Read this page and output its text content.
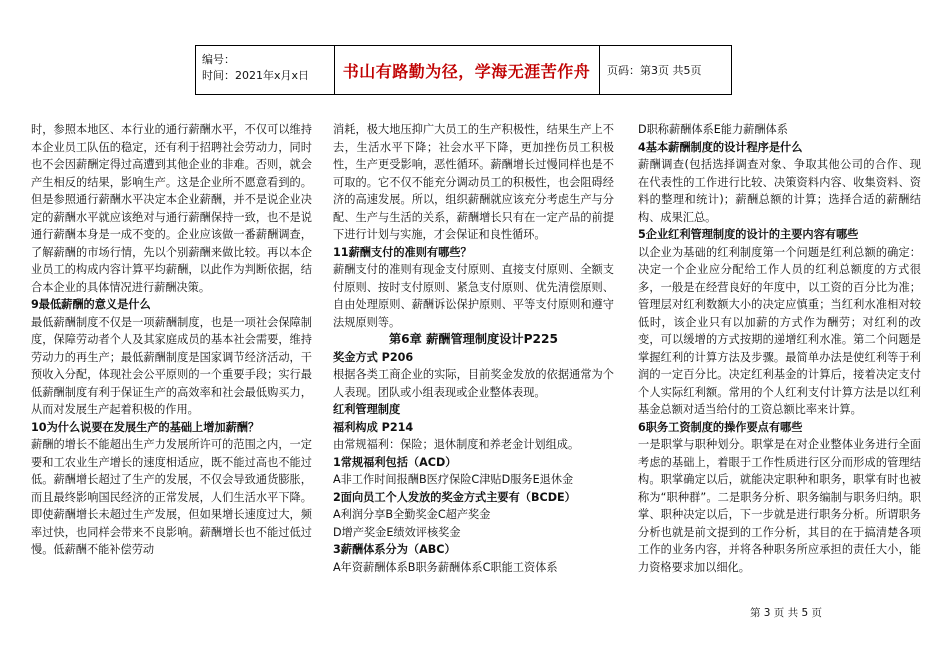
编号：
时间：2021年x月x日	书山有路勤为径，学海无涯苦作舟 页码：第3页 共5页

时，参照本地区、本行业的通行薪酬水平，不仅可以维持本企业员工队伍的稳定，还有利于招聘社会劳动力，同时也不会因薪酬定得过高遭到其他企业的非难。否则，就会产生相反的结果，影响生产。这是企业所不愿意看到的。但是参照通行薪酬水平决定本企业薪酬，并不是说企业决定的薪酬水平就应该绝对与通行薪酬保持一致，也不是说通行薪酬本身是一成不变的。企业应该做一番薪酬调查，了解薪酬的市场行情，先以个别薪酬来做比较。再以本企业员工的构成内容计算平均薪酬，以此作为判断依据，结合本企业的具体情况进行薪酬决策。

9最低薪酬的意义是什么

最低薪酬制度不仅是一项薪酬制度，也是一项社会保障制度，保障劳动者个人及其家庭成员的基本社会需要，维持劳动力的再生产；最低薪酬制度是国家调节经济活动，干预收入分配，体现社会公平原则的一个重要手段；实行最低薪酬制度有利于保证生产的高效率和社会最低购买力，从而对发展生产起着积极的作用。

10为什么说要在发展生产的基础上增加薪酬？

薪酬的增长不能超出生产力发展所许可的范围之内，一定要和工农业生产增长的速度相适应，既不能过高也不能过低。薪酬增长超过了生产的发展，不仅会导致通货膨胀，而且最终影响国民经济的正常发展，人们生活水平下降。即使薪酬增长未超过生产发展，但如果增长速度过大，频率过快，也同样会带来不良影响。薪酬增长也不能过低过慢。低薪酬不能补偿劳动

消耗，极大地压抑广大员工的生产积极性，结果生产上不去，生活水平下降；社会水平下降，更加挫伤员工积极性，生产更受影响，恶性循环。薪酬增长过慢同样也是不可取的。它不仅不能充分调动员工的积极性，也会阻碍经济的高速发展。所以，组织薪酬就应该充分考虑生产与分配、生产与生活的关系，薪酬增长只有在一定产品的前提下进行计划与实施，才会保证和良性循环。

11薪酬支付的准则有哪些？

薪酬支付的准则有现金支付原则、直接支付原则、全额支付原则、按时支付原则、紧急支付原则、优先清偿原则、自由处理原则、薪酬诉讼保护原则、平等支付原则和遵守法规原则等。

第6章 薪酬管理制度设计P225

奖金方式 P206

根据各类工商企业的实际，目前奖金发放的依据通常为个人表现。团队或小组表现或企业整体表现。

红利管理制度

福利构成 P214

由常规福利：保险；退休制度和养老金计划组成。

1常规福利包括（ACD）

A非工作时间报酬B医疗保险C津贴D服务E退休金

2面向员工个人发放的奖金方式主要有（BCDE）

A利润分享B全勤奖金C超产奖金

D增产奖金E绩效评核奖金

3薪酬体系分为（ABC）

A年资薪酬体系B职务薪酬体系C职能工资体系

D职称薪酬体系E能力薪酬体系

4基本薪酬制度的设计程序是什么

薪酬调查(包括选择调查对象、争取其他公司的合作、现在代表性的工作进行比较、决策资料内容、收集资料、资料的整理和统计)；薪酬总额的计算；选择合适的薪酬结构、成果汇总。

5企业红利管理制度的设计的主要内容有哪些

以企业为基础的红利制度第一个问题是红利总额的确定：决定一个企业应分配给工作人员的红利总额度的方式很多，一般是在经营良好的年度中，以工资的百分比为准；管理层对红利数额大小的决定应慎重；当红利水准相对较低时，该企业只有以加薪的方式作为酬劳；对红利的改变，可以缓增的方式按期的递增红利水准。第二个问题是掌握红利的计算方法及步骤。最简单办法是使红利等于利润的一定百分比。决定红利基金的计算后，接着决定支付个人实际红利额。常用的个人红利支付计算方法是以红利基金总额对适当给付的工资总额比率来计算。

6职务工资制度的操作要点有哪些

一是职掌与职种划分。职掌是在对企业整体业务进行全面考虑的基础上，着眼于工作性质进行区分而形成的管理结构。职掌确定以后，就能决定职种和职务，职掌有时也被称为“职种群”。二是职务分析、职务编制与职务归纳。职掌、职种决定以后，下一步就是进行职务分析。所谓职务分析也就是前文提到的工作分析，其目的在于搞清楚各项工作的业务内容，并将各种职务所应承担的责任大小，能力资格要求加以细化。

第 3 页 共 5 页
